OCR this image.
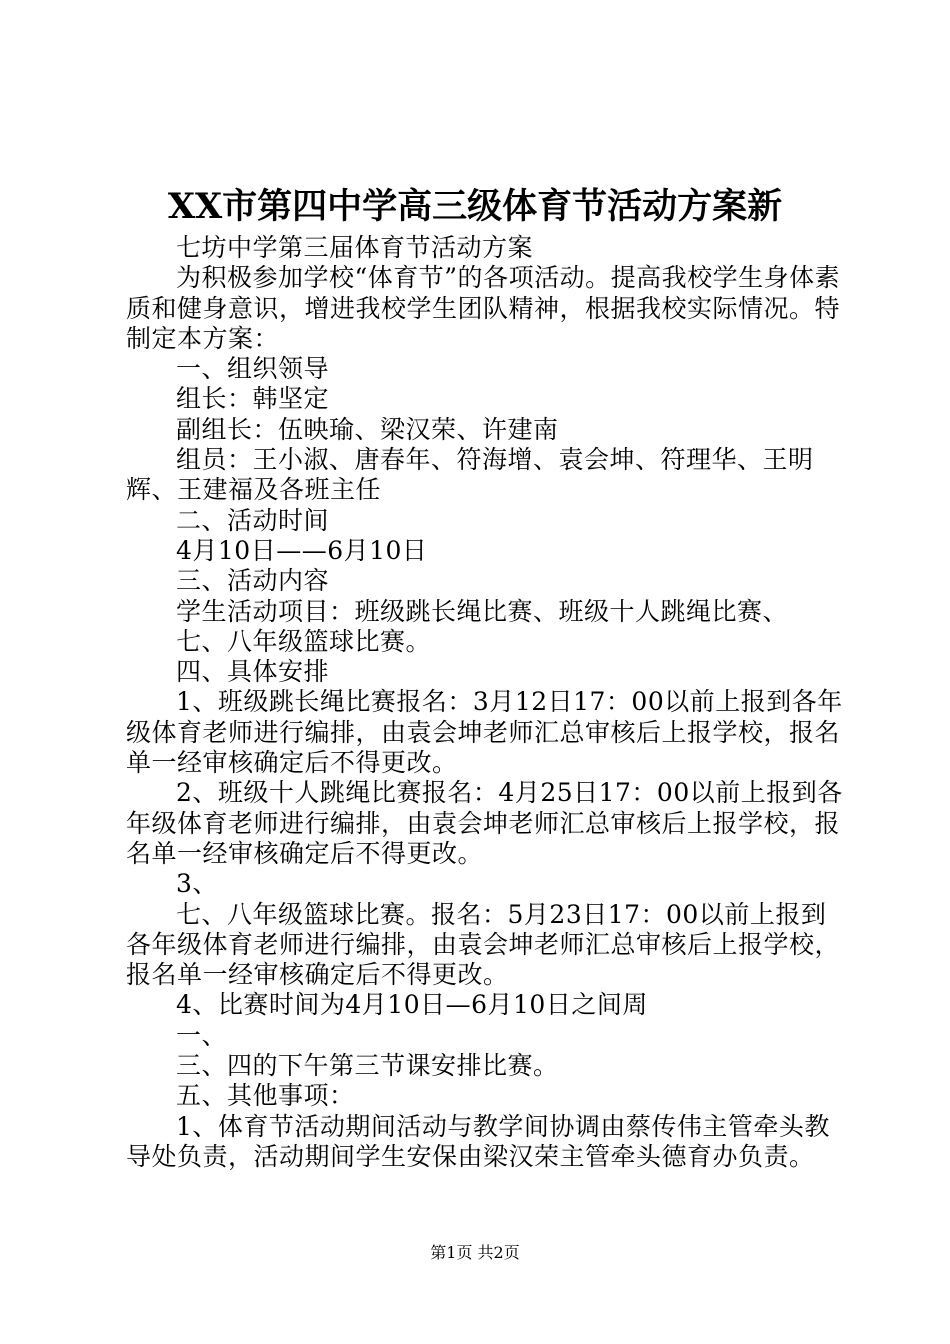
XX市第四中学高三级体育节活动方案新

七坊中学第三届体育节活动方案

为积极参加学校“体育节”的各项活动。提高我校学生身体素质和健身意识，增进我校学生团队精神，根据我校实际情况。特制定本方案：

一、组织领导

组长：韩坚定

副组长：伍映瑜、梁汉荣、许建南

组员：王小淑、唐春年、符海增、袁会坤、符理华、王明辉、王建福及各班主任

二、活动时间

4月10日——6月10日

三、活动内容

学生活动项目：班级跳长绳比赛、班级十人跳绳比赛、

七、八年级篮球比赛。

四、具体安排

1、班级跳长绳比赛报名：3月12日17：00以前上报到各年级体育老师进行编排，由袁会坤老师汇总审核后上报学校，报名单一经审核确定后不得更改。

2、班级十人跳绳比赛报名：4月25日17：00以前上报到各年级体育老师进行编排，由袁会坤老师汇总审核后上报学校，报名单一经审核确定后不得更改。

3、

七、八年级篮球比赛。报名：5月23日17：00以前上报到各年级体育老师进行编排，由袁会坤老师汇总审核后上报学校，报名单一经审核确定后不得更改。

4、比赛时间为4月10日—6月10日之间周

一、

三、四的下午第三节课安排比赛。

五、其他事项：

1、体育节活动期间活动与教学间协调由蔡传伟主管牵头教导处负责，活动期间学生安保由梁汉荣主管牵头德育办负责。

第1页 共2页
